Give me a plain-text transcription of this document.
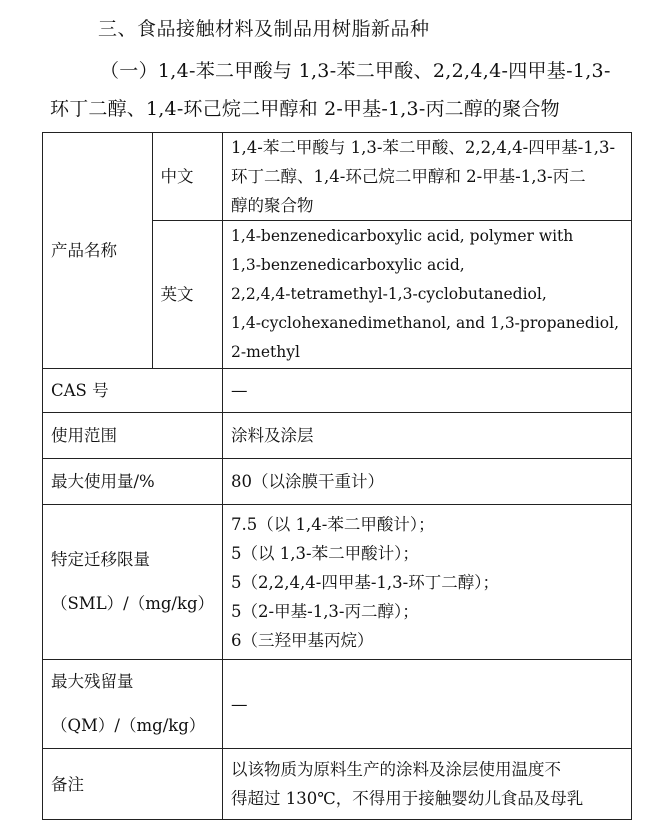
三、食品接触材料及制品用树脂新品种
（一）1,4-苯二甲酸与 1,3-苯二甲酸、2,2,4,4-四甲基-1,3-
环丁二醇、1,4-环己烷二甲醇和 2-甲基-1,3-丙二醇的聚合物
产品名称	中文	1,4-苯二甲酸与 1,3-苯二甲酸、2,2,4,4-四甲基-1,3-
环丁二醇、1,4-环己烷二甲醇和 2-甲基-1,3-丙二
醇的聚合物

	英文	1,4-benzenedicarboxylic acid, polymer with
1,3-benzenedicarboxylic acid,
2,2,4,4-tetramethyl-1,3-cyclobutanediol,
1,4-cyclohexanedimethanol, and 1,3-propanediol,
2-methyl

CAS 号		—
使用范围		涂料及涂层
最大使用量/%		80（以涂膜干重计）

特定迁移限量
（SML）/（mg/kg）		7.5（以 1,4-苯二甲酸计）；
5（以 1,3-苯二甲酸计）；
5（2,2,4,4-四甲基-1,3-环丁二醇）；
5（2-甲基-1,3-丙二醇）；
6（三羟甲基丙烷）

最大残留量
（QM）/（mg/kg）		—
备注		以该物质为原料生产的涂料及涂层使用温度不
得超过 130℃，不得用于接触婴幼儿食品及母乳
